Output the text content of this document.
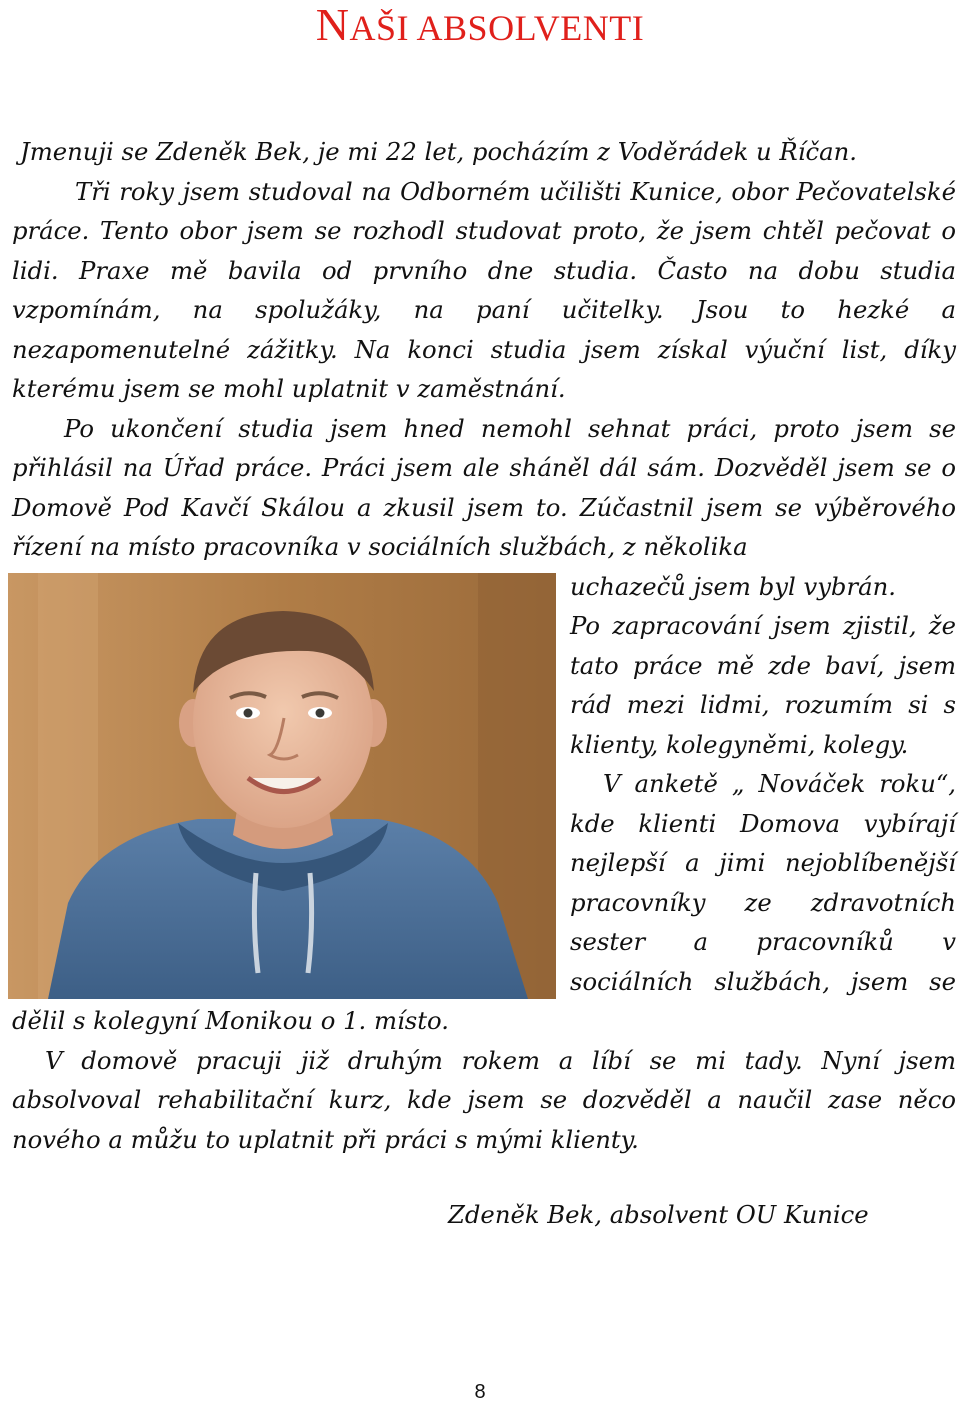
NAŠI ABSOLVENTI

Jmenuji se Zdeněk Bek, je mi 22 let, pocházím z Voděrádek u Říčan.

Tři roky jsem studoval na Odborném učilišti Kunice, obor Pečovatelské práce. Tento obor jsem se rozhodl studovat proto, že jsem chtěl pečovat o lidi. Praxe mě bavila od prvního dne studia. Často na dobu studia vzpomínám, na spolužáky, na paní učitelky. Jsou to hezké a nezapomenutelné zážitky. Na konci studia jsem získal výuční list, díky kterému jsem se mohl uplatnit v zaměstnání.

Po ukončení studia jsem hned nemohl sehnat práci, proto jsem se přihlásil na Úřad práce. Práci jsem ale sháněl dál sám. Dozvěděl jsem se o Domově Pod Kavčí Skálou a zkusil jsem to. Zúčastnil jsem se výběrového řízení na místo pracovníka v sociálních službách, z několika

uchazečů jsem byl vybrán.

Po zapracování jsem zjistil, že tato práce mě zde baví, jsem rád mezi lidmi, rozumím si s klienty, kolegyněmi, kolegy.

V anketě „ Nováček roku“, kde klienti Domova vybírají nejlepší a jimi nejoblíbenější pracovníky ze zdravotních sester a pracovníků v sociálních službách, jsem se dělil s kolegyní Monikou o 1. místo.

V domově pracuji již druhým rokem a líbí se mi tady. Nyní jsem absolvoval rehabilitační kurz, kde jsem se dozvěděl a naučil zase něco nového a můžu to uplatnit při práci s mými klienty.

Zdeněk Bek, absolvent OU Kunice
8
